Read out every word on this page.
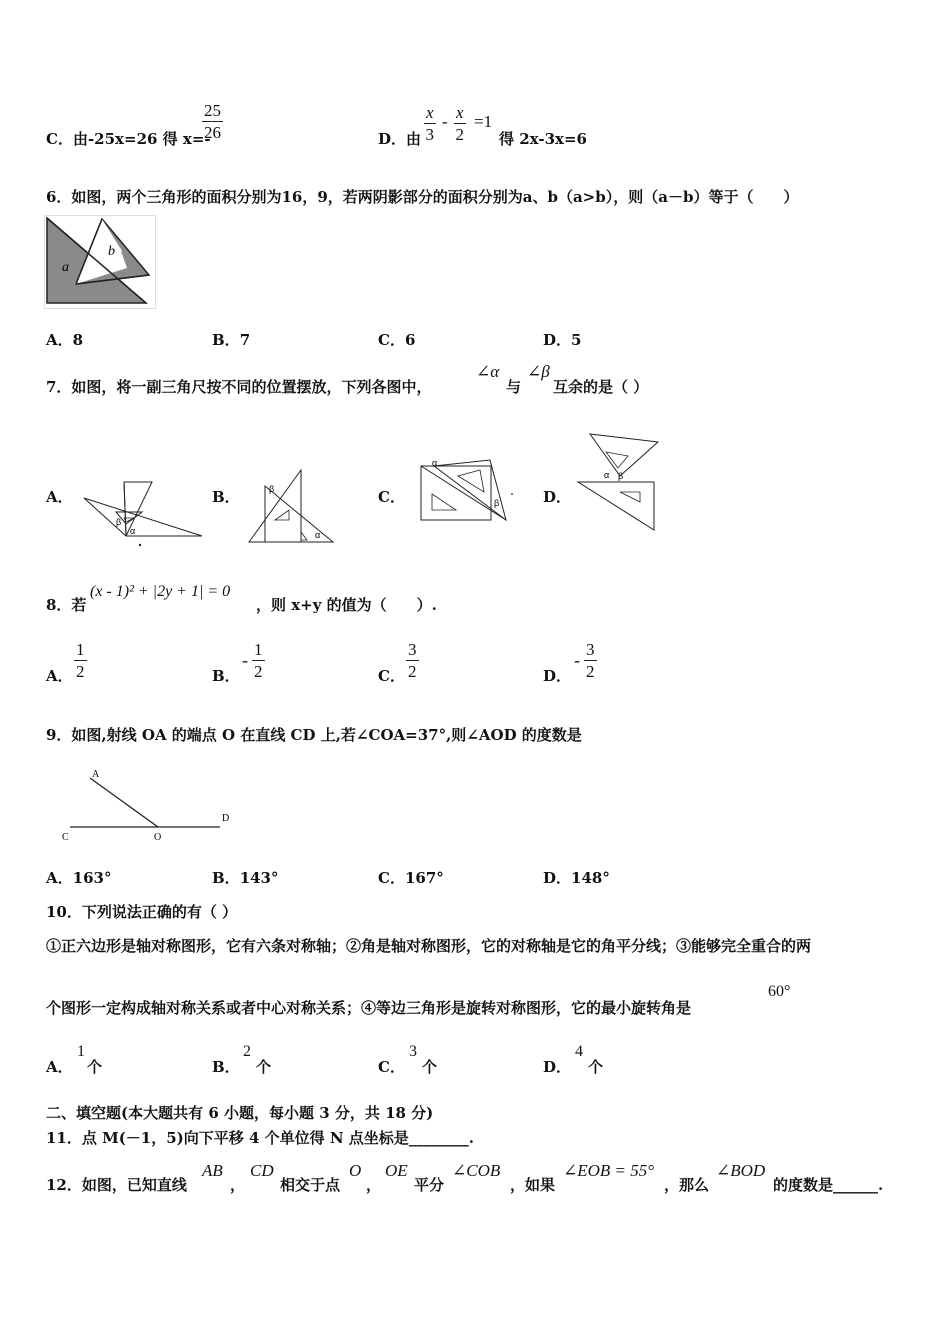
C．由-25x=26 得 x=-
$\frac{25}{26}$	D．由 $\frac{x}{3} - \frac{x}{2} =1$
得 2x-3x=6
6．如图，两个三角形的面积分别为16，9，若两阴影部分的面积分别为a、b（a>b），则（a－b）等于（　　）
a
b
A．8	B．7	C．6	D．5
7．如图，将一副三角尺按不同的位置摆放，下列各图中，
∠α
与
∠β
互余的是（ ）
A．
α
β
B．	β
α
C．
α
β	D．
α β
8．若
(x - 1)² + |2y + 1| = 0
，则 x+y 的值为（　　）.
A． $\frac{1}{2}$	B．
- $\frac{1}{2}$	C． $\frac{3}{2}$	D．
- $\frac{3}{2}$
9．如图,射线 OA 的端点 O 在直线 CD 上,若∠COA=37°,则∠AOD 的度数是
A
C	O
D
A．163°	B．143°	C．167°	D．148°
10．下列说法正确的有（ ）
①正六边形是轴对称图形，它有六条对称轴；②角是轴对称图形，它的对称轴是它的角平分线；③能够完全重合的两
个图形一定构成轴对称关系或者中心对称关系；④等边三角形是旋转对称图形，它的最小旋转角是
60°
A．
1
个	B．
2
个	C．
3
个	D．
4
个
二、填空题(本大题共有 6 小题，每小题 3 分，共 18 分)
11．点 M(－1，5)向下平移 4 个单位得 N 点坐标是________.
12．如图，已知直线
AB
，
CD
相交于点
O
，
OE
平分
∠COB
，如果
∠EOB = 55°
，那么
∠BOD
的度数是______.
